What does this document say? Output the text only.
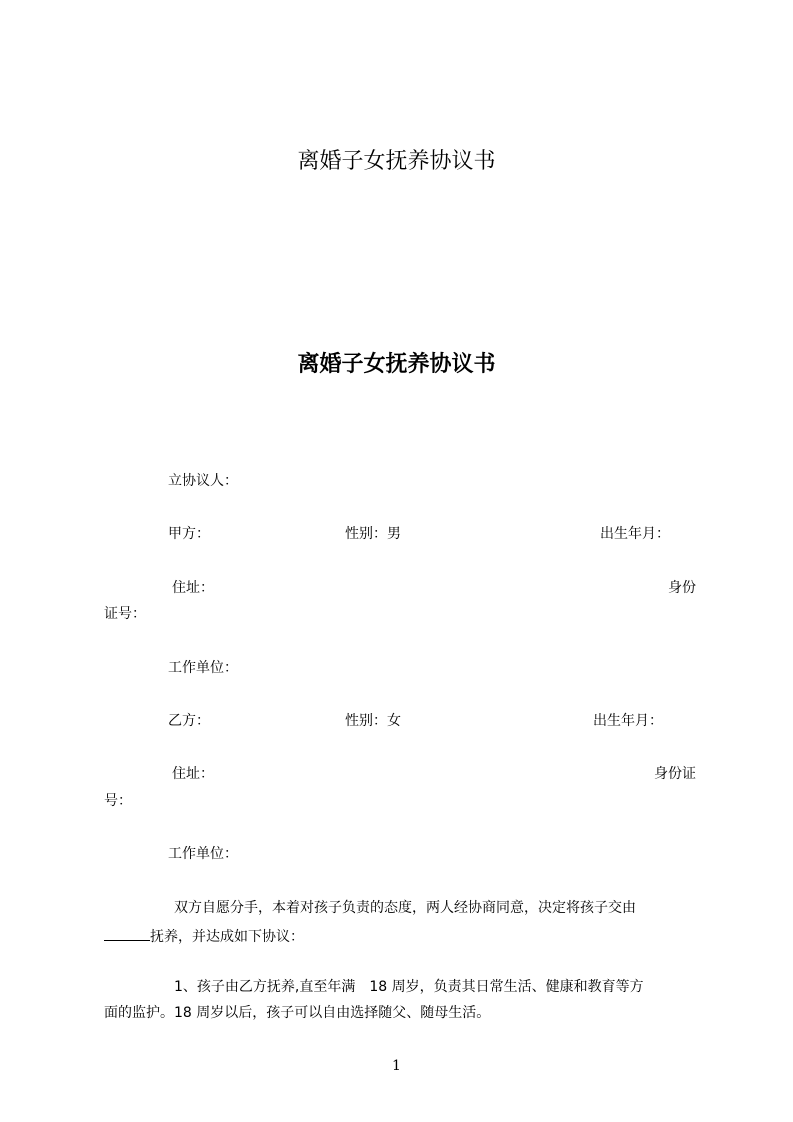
离婚子女抚养协议书
离婚子女抚养协议书
立协议人：
甲方：	性别：男	出生年月：
住址：	身份
证号：
工作单位：
乙方：	性别：女	出生年月：
住址：	身份证
号：
工作单位：
双方自愿分手，本着对孩子负责的态度，两人经协商同意，决定将孩子交由
抚养，并达成如下协议：
1、孩子由乙方抚养,直至年满　18 周岁，负责其日常生活、健康和教育等方
面的监护。18 周岁以后，孩子可以自由选择随父、随母生活。
1
